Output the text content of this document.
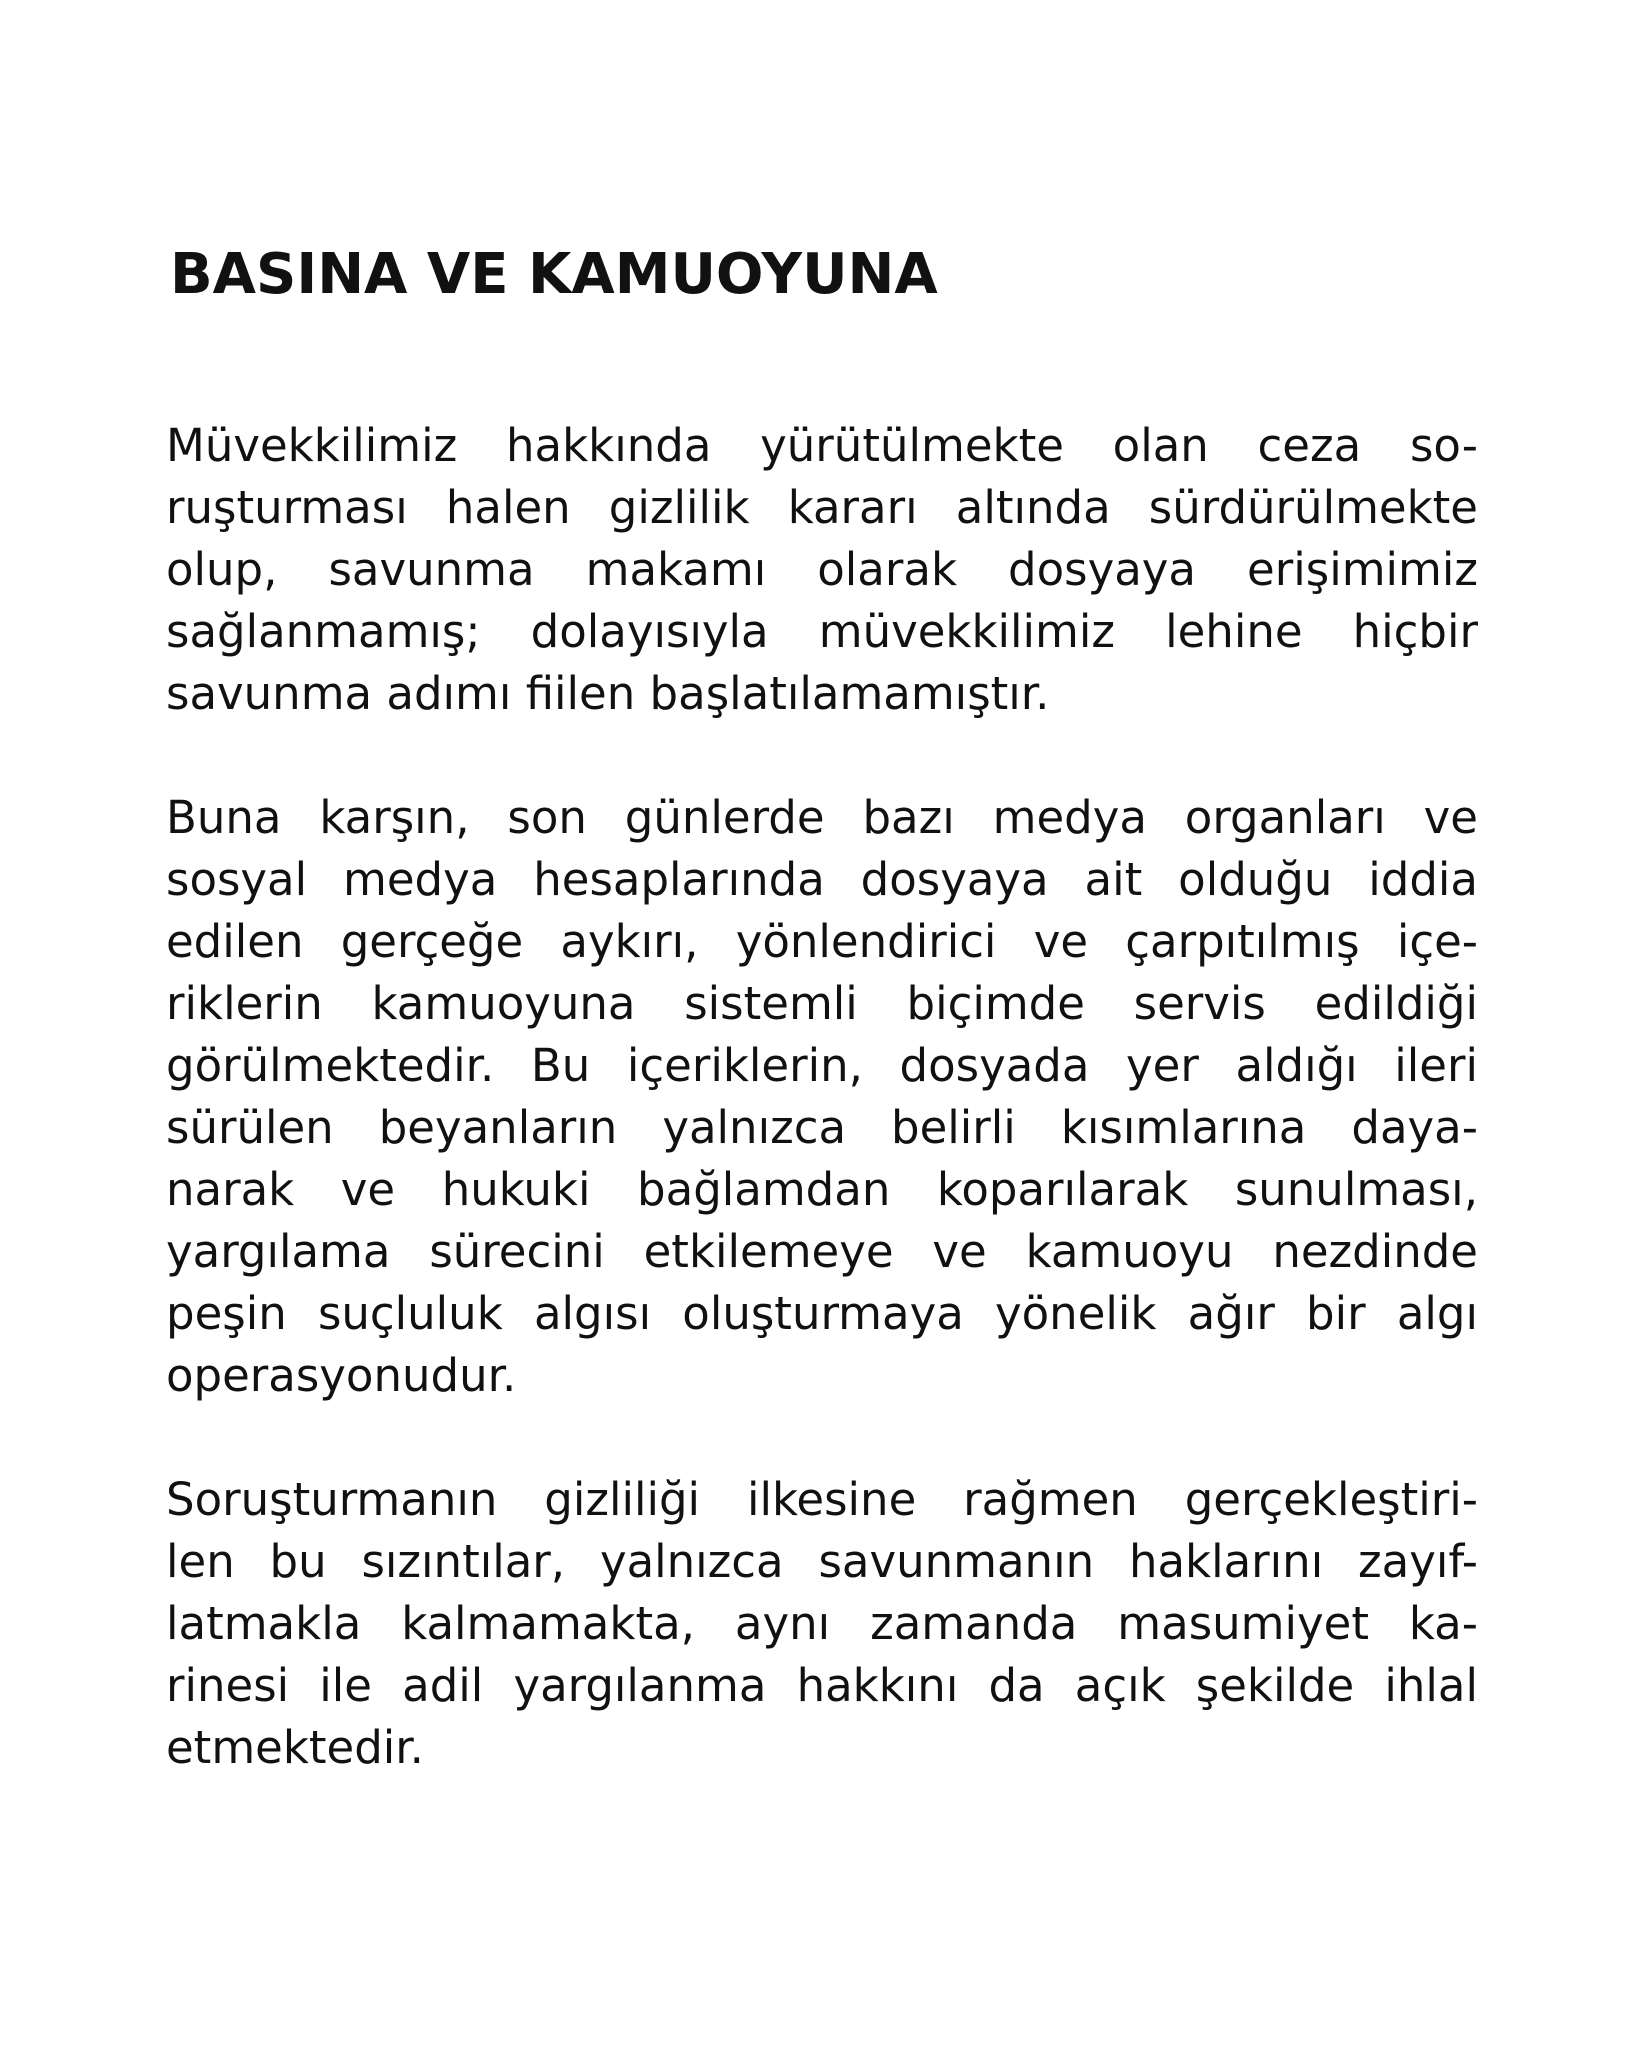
BASINA VE KAMUOYUNA

Müvekkilimiz hakkında yürütülmekte olan ceza so-
ruşturması halen gizlilik kararı altında sürdürülmekte
olup, savunma makamı olarak dosyaya erişimimiz
sağlanmamış; dolayısıyla müvekkilimiz lehine hiçbir
savunma adımı fiilen başlatılamamıştır.

Buna karşın, son günlerde bazı medya organları ve
sosyal medya hesaplarında dosyaya ait olduğu iddia
edilen gerçeğe aykırı, yönlendirici ve çarpıtılmış içe-
riklerin kamuoyuna sistemli biçimde servis edildiği
görülmektedir. Bu içeriklerin, dosyada yer aldığı ileri
sürülen beyanların yalnızca belirli kısımlarına daya-
narak ve hukuki bağlamdan koparılarak sunulması,
yargılama sürecini etkilemeye ve kamuoyu nezdinde
peşin suçluluk algısı oluşturmaya yönelik ağır bir algı
operasyonudur.

Soruşturmanın gizliliği ilkesine rağmen gerçekleştiri-
len bu sızıntılar, yalnızca savunmanın haklarını zayıf-
latmakla kalmamakta, aynı zamanda masumiyet ka-
rinesi ile adil yargılanma hakkını da açık şekilde ihlal
etmektedir.
